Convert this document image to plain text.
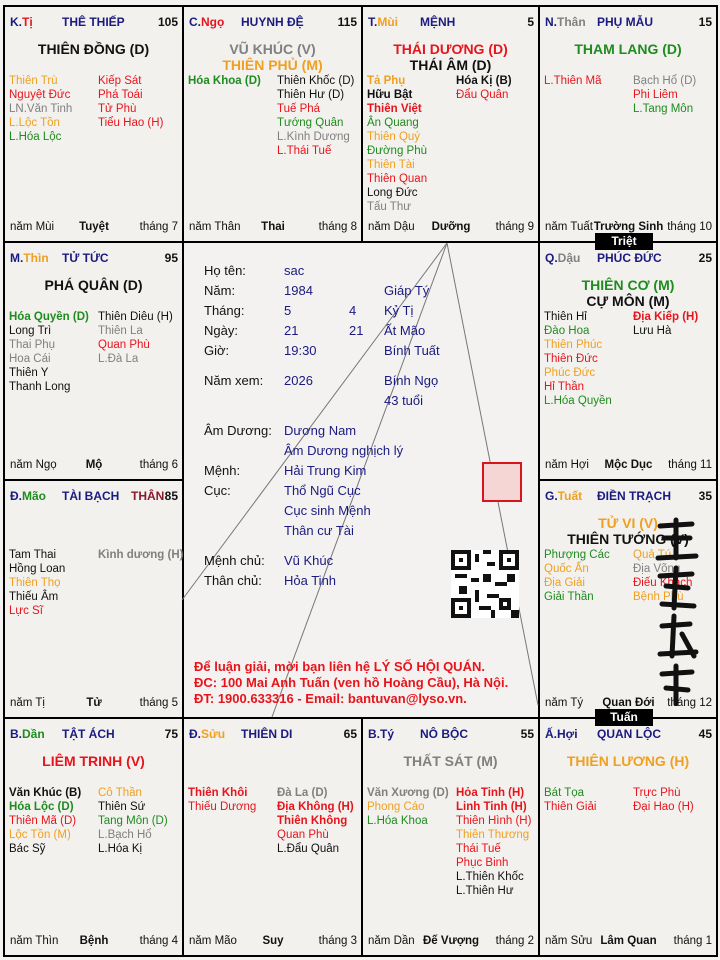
K.Tị THÊ THIẾP	105
THIÊN ĐỒNG (D)
Thiên Trù
Nguyệt Đức
LN.Văn Tinh
L.Lộc Tồn
L.Hóa Lộc
Kiếp Sát
Phá Toái
Tử Phù
Tiểu Hao (H)
năm Mùi	Tuyệt	tháng 7
C.Ngọ HUYNH ĐỆ	115
VŨ KHÚC (V)
THIÊN PHỦ (M)
Hóa Khoa (D) Thiên Khốc (D)
Thiên Hư (D)
Tuế Phá
Tướng Quân
L.Kình Dương
L.Thái Tuế
năm Thân	Thai	tháng 8
T.Mùi MỆNH	5
THÁI DƯƠNG (D)
THÁI ÂM (D)
Tả Phụ
Hữu Bật
Thiên Việt
Ân Quang
Thiên Quý
Đường Phù
Thiên Tài
Thiên Quan
Long Đức
Tấu Thư
Hóa Kị (B)
Đẩu Quân
năm Dậu	Dưỡng	tháng 9
N.Thân PHỤ MẪU	15
THAM LANG (D)
L.Thiên Mã	Bạch Hổ (D)
Phi Liêm
L.Tang Môn
năm Tuất Trường Sinh tháng 10
M.Thìn TỬ TỨC	95
PHÁ QUÂN (D)
Hóa Quyền (D)
Long Trì
Thai Phụ
Hoa Cái
Thiên Y
Thanh Long
Thiên Diêu (H)
Thiên La
Quan Phù
L.Đà La
năm Ngọ	Mộ	tháng 6
Q.Dậu PHÚC ĐỨC	25
THIÊN CƠ (M)
CỰ MÔN (M)
Thiên Hỉ
Đào Hoa
Thiên Phúc
Thiên Đức
Phúc Đức
Hỉ Thần
L.Hóa Quyền
Địa Kiếp (H)
Lưu Hà
năm Hợi	Mộc Dục	tháng 11
Đ.Mão TÀI BẠCH THÂN 85
Tam Thai
Hồng Loan
Thiên Thọ
Thiếu Âm
Lực Sĩ
Kình dương (H)
năm Tị	Tử	tháng 5
G.Tuất ĐIỀN TRẠCH 35
TỬ VI (V)
THIÊN TƯỚNG (V)
Phượng Các
Quốc Ấn
Địa Giải
Giải Thần
Quả Tú
Địa Võng
Điếu Khách
Bệnh Phù
năm Tý	Quan Đới	tháng 12
B.Dần TẬT ÁCH	75
LIÊM TRINH (V)
Văn Khúc (B)
Hóa Lộc (D)
Thiên Mã (D)
Lộc Tồn (M)
Bác Sỹ
Cô Thần
Thiên Sứ
Tang Môn (D)
L.Bạch Hổ
L.Hóa Kị
năm Thìn	Bệnh	tháng 4
Đ.Sửu THIÊN DI	65
Thiên Khôi
Thiếu Dương
Đà La (D)
Địa Không (H)
Thiên Không
Quan Phù
L.Đẩu Quân
năm Mão	Suy	tháng 3
B.Tý NÔ BỘC	55
THẤT SÁT (M)
Văn Xương (D)
Phong Cáo
L.Hóa Khoa
Hỏa Tinh (H)
Linh Tinh (H)
Thiên Hình (H)
Thiên Thương
Thái Tuế
Phục Binh
L.Thiên Khốc
L.Thiên Hư
năm Dần Đế Vượng	tháng 2
Ấ.Hợi QUAN LỘC	45
THIÊN LƯƠNG (H)
Bát Tọa
Thiên Giải
Trực Phù
Đại Hao (H)
năm Sửu Lâm Quan	tháng 1
Họ tên:	sac
Năm:	1984	Giáp Tý
Tháng:	5	4 Kỷ Tị
Ngày:	21	21 Ất Mão
Giờ:	19:30	Bính Tuất
Năm xem: 2026	Bính Ngọ
43 tuổi
Âm Dương: Dương Nam
Âm Dương nghịch lý
Mệnh:	Hải Trung Kim
Cục:	Thổ Ngũ Cục
Cục sinh Mệnh
Thân cư Tài
Mệnh chủ: Vũ Khúc
Thân chủ: Hỏa Tinh
Để luận giải, mời bạn liên hệ LÝ SỐ HỘI QUÁN.
ĐC: 100 Mai Anh Tuấn (ven hồ Hoàng Cầu), Hà Nội.
ĐT: 1900.633316 - Email: bantuvan@lyso.vn.
Triệt
Tuấn
